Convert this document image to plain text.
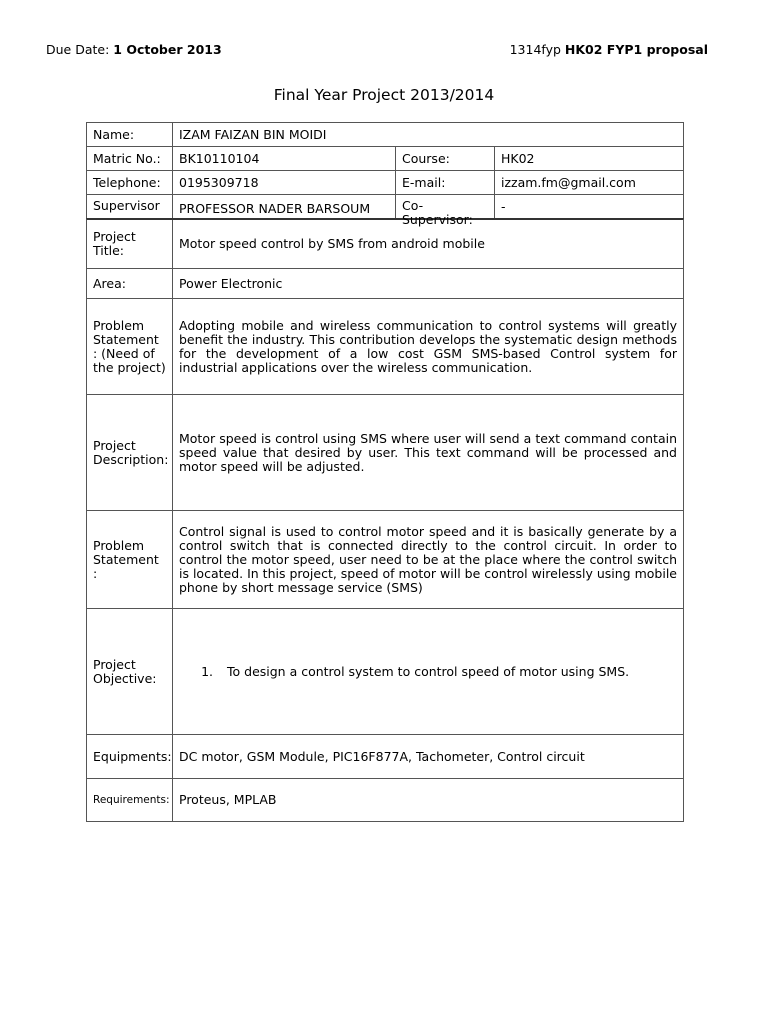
Due Date: 1 October 2013	1314fyp HK02 FYP1 proposal
Final Year Project 2013/2014
Name:	IZAM FAIZAN BIN MOIDI
Matric No.:	BK10110104	Course:	HK02
Telephone:	0195309718	E-mail:	izzam.fm@gmail.com
Supervisor	PROFESSOR NADER BARSOUM	Co-Supervisor:
-
Project Title:	Motor speed control by SMS from android mobile
Area:	Power Electronic
Problem Statement : (Need of the project)
Adopting mobile and wireless communication to control systems will greatly benefit the industry. This contribution develops the systematic design methods for the development of a low cost GSM SMS-based Control system for industrial applications over the wireless communication.
Project Description:
Motor speed is control using SMS where user will send a text command contain speed value that desired by user. This text command will be processed and motor speed will be adjusted.
Problem Statement :
Control signal is used to control motor speed and it is basically generate by a control switch that is connected directly to the control circuit. In order to control the motor speed, user need to be at the place where the control switch is located. In this project, speed of motor will be control wirelessly using mobile phone by short message service (SMS)
Project Objective:
1.	To design a control system to control speed of motor using SMS.
Equipments: DC motor, GSM Module, PIC16F877A, Tachometer, Control circuit
Requirements: Proteus, MPLAB
